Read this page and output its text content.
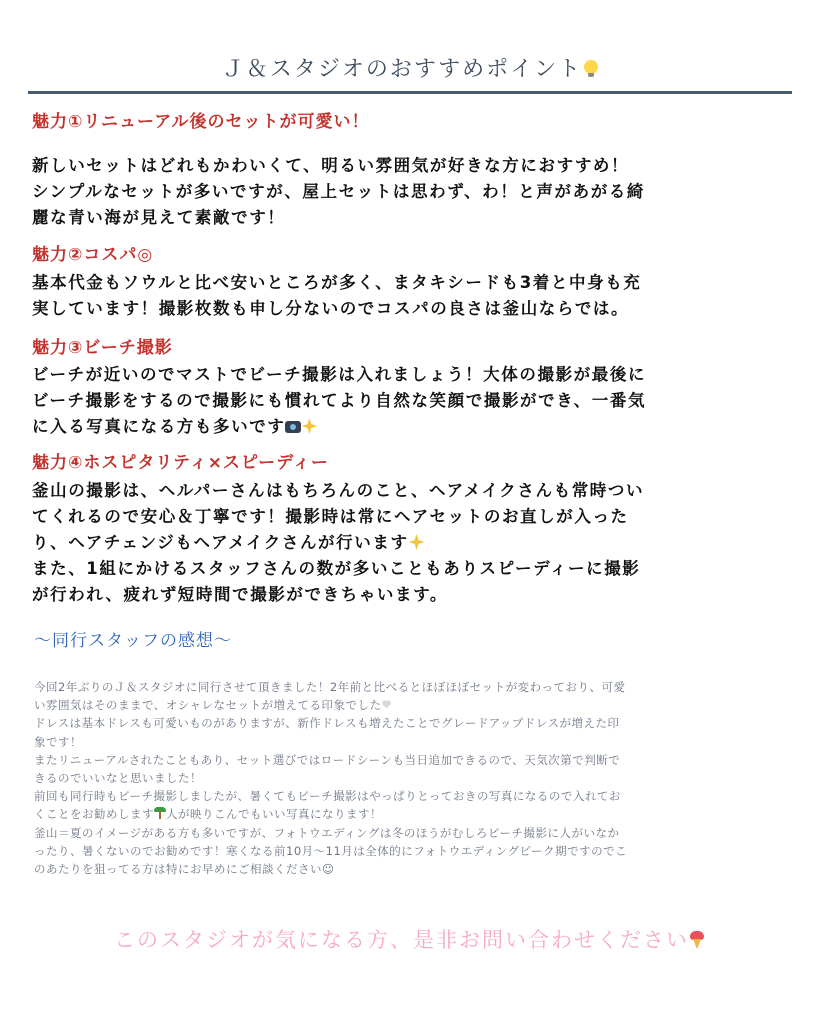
Ｊ＆スタジオのおすすめポイント
魅力①リニューアル後のセットが可愛い！
新しいセットはどれもかわいくて、明るい雰囲気が好きな方におすすめ！
シンプルなセットが多いですが、屋上セットは思わず、わ！と声があがる綺
麗な青い海が見えて素敵です！
魅力②コスパ◎
基本代金もソウルと比べ安いところが多く、まタキシードも3着と中身も充
実しています！撮影枚数も申し分ないのでコスパの良さは釜山ならでは。
魅力③ビーチ撮影
ビーチが近いのでマストでビーチ撮影は入れましょう！大体の撮影が最後に
ビーチ撮影をするので撮影にも慣れてより自然な笑顔で撮影ができ、一番気
に入る写真になる方も多いです
魅力④ホスピタリティ×スピーディー
釜山の撮影は、ヘルパーさんはもちろんのこと、ヘアメイクさんも常時つい
てくれるので安心＆丁寧です！撮影時は常にヘアセットのお直しが入った
り、ヘアチェンジもヘアメイクさんが行います
また、1組にかけるスタッフさんの数が多いこともありスピーディーに撮影
が行われ、疲れず短時間で撮影ができちゃいます。
〜同行スタッフの感想〜
今回2年ぶりのＪ＆スタジオに同行させて頂きました！2年前と比べるとほぼほぼセットが変わっており、可愛
い雰囲気はそのままで、オシャレなセットが増えてる印象でした
ドレスは基本ドレスも可愛いものがありますが、新作ドレスも増えたことでグレードアップドレスが増えた印
象です！
またリニューアルされたこともあり、セット選びではロードシーンも当日追加できるので、天気次第で判断で
きるのでいいなと思いました！
前回も同行時もビーチ撮影しましたが、暑くてもビーチ撮影はやっぱりとっておきの写真になるので入れてお
くことをお勧めします 人が映りこんでもいい写真になります！
釜山＝夏のイメージがある方も多いですが、フォトウエディングは冬のほうがむしろビーチ撮影に人がいなか
ったり、暑くないのでお勧めです！寒くなる前10月〜11月は全体的にフォトウエディングピーク期ですのでこ
のあたりを狙ってる方は特にお早めにご相談ください☺
このスタジオが気になる方、是非お問い合わせください
